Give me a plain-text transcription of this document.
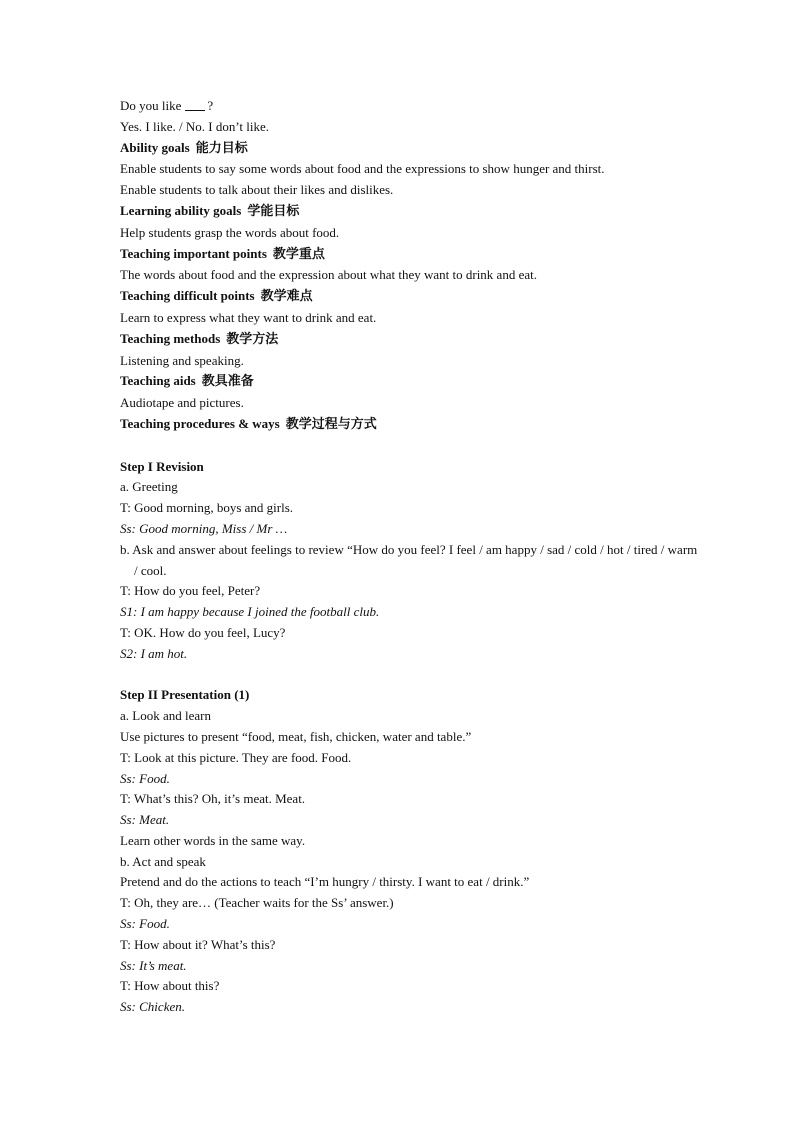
Do you like ?
Yes. I like. / No. I don’t like.
Ability goals 能力目标
Enable students to say some words about food and the expressions to show hunger and thirst.
Enable students to talk about their likes and dislikes.
Learning ability goals 学能目标
Help students grasp the words about food.
Teaching important points 教学重点
The words about food and the expression about what they want to drink and eat.
Teaching difficult points 教学难点
Learn to express what they want to drink and eat.
Teaching methods 教学方法
Listening and speaking.
Teaching aids 教具准备
Audiotape and pictures.
Teaching procedures & ways 教学过程与方式
Step I Revision
a. Greeting
T: Good morning, boys and girls.
Ss: Good morning, Miss / Mr …
b. Ask and answer about feelings to review “How do you feel? I feel / am happy / sad / cold / hot / tired / warm / cool.
T: How do you feel, Peter?
S1: I am happy because I joined the football club.
T: OK. How do you feel, Lucy?
S2: I am hot.
Step II Presentation (1)
a. Look and learn
Use pictures to present “food, meat, fish, chicken, water and table.”
T: Look at this picture. They are food. Food.
Ss: Food.
T: What’s this? Oh, it’s meat. Meat.
Ss: Meat.
Learn other words in the same way.
b. Act and speak
Pretend and do the actions to teach “I’m hungry / thirsty. I want to eat / drink.”
T: Oh, they are… (Teacher waits for the Ss’ answer.)
Ss: Food.
T: How about it? What’s this?
Ss: It’s meat.
T: How about this?
Ss: Chicken.
